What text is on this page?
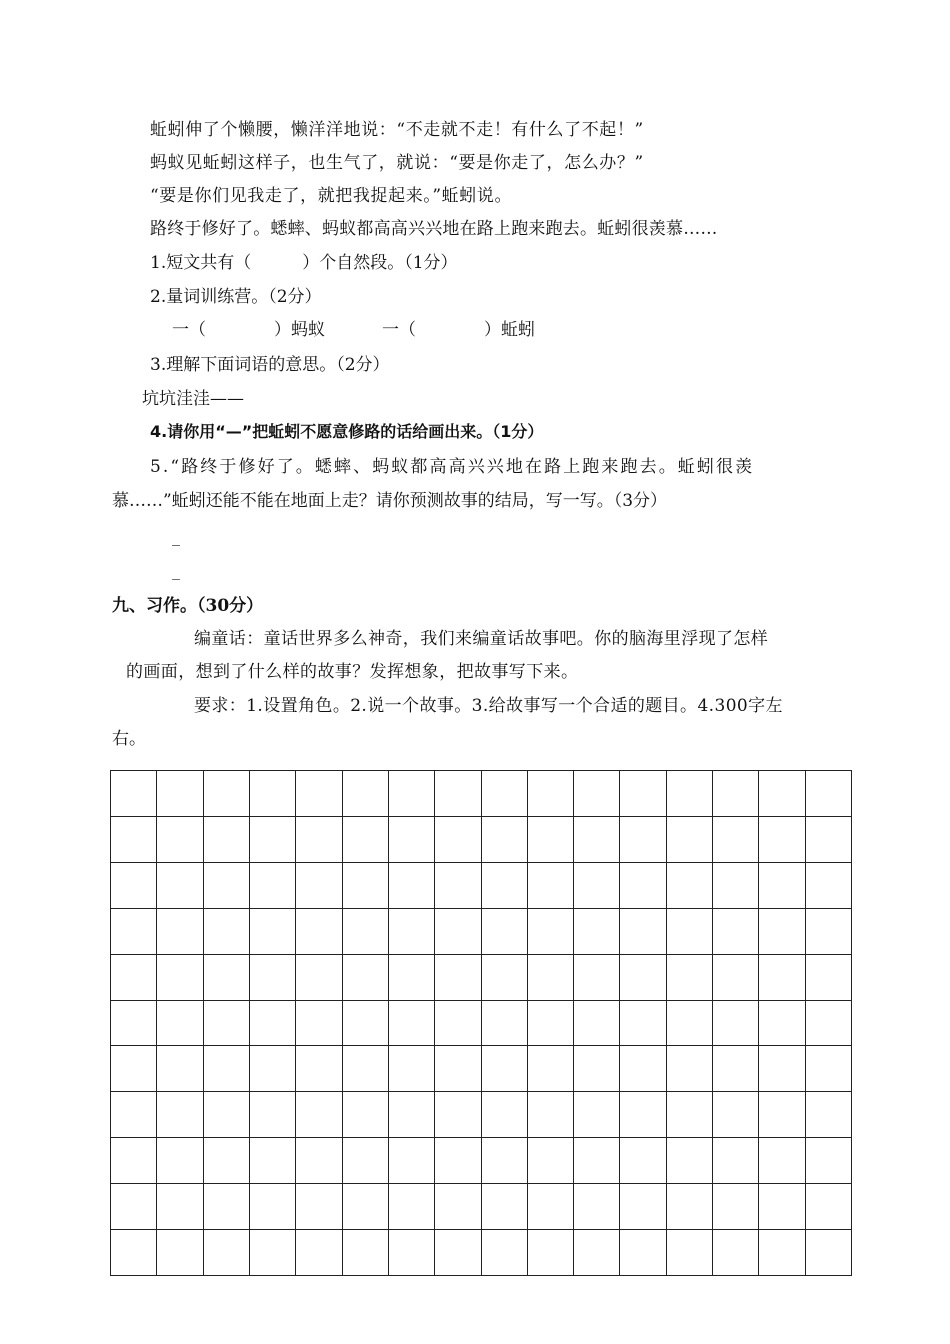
蚯蚓伸了个懒腰，懒洋洋地说：“不走就不走！有什么了不起！”
蚂蚁见蚯蚓这样子，也生气了，就说：“要是你走了，怎么办？”
“要是你们见我走了，就把我捉起来。”蚯蚓说。
路终于修好了。蟋蟀、蚂蚁都高高兴兴地在路上跑来跑去。蚯蚓很羡慕……
1.短文共有（　　　）个自然段。（1分）
2.量词训练营。（2分）
一（　　　　）蚂蚁	一（　　　　）蚯蚓
3.理解下面词语的意思。（2分）
坑坑洼洼——
4.请你用“—”把蚯蚓不愿意修路的话给画出来。（1分）
5.“路终于修好了。蟋蟀、蚂蚁都高高兴兴地在路上跑来跑去。蚯蚓很羡
慕……”蚯蚓还能不能在地面上走？请你预测故事的结局，写一写。（3分）
_
_
九、习作。（30分）
编童话：童话世界多么神奇，我们来编童话故事吧。你的脑海里浮现了怎样
的画面，想到了什么样的故事？发挥想象，把故事写下来。
要求：1.设置角色。2.说一个故事。3.给故事写一个合适的题目。4.300字左
右。
